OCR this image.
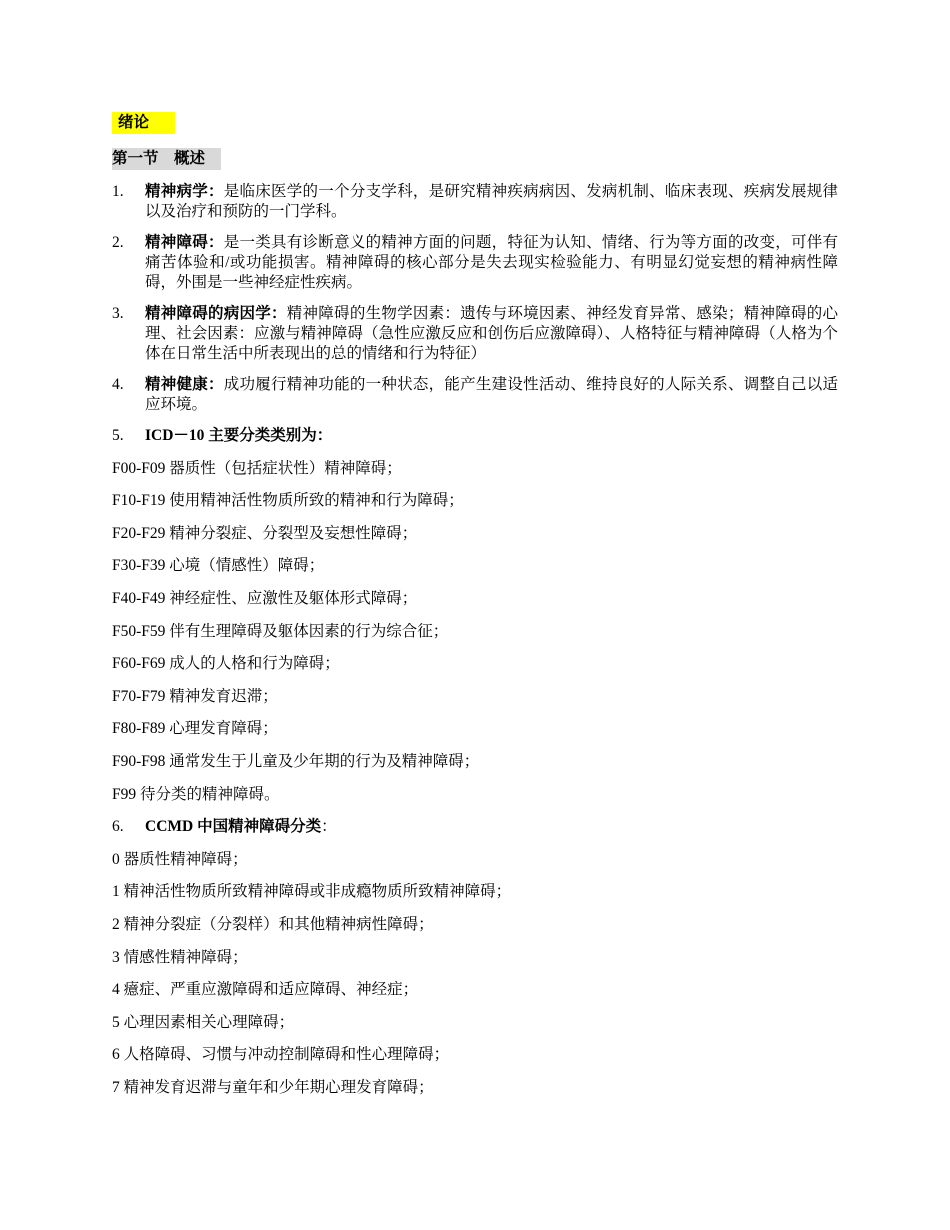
绪论
第一节　概述
1. 精神病学：是临床医学的一个分支学科，是研究精神疾病病因、发病机制、临床表现、疾病发展规律以及治疗和预防的一门学科。
2. 精神障碍：是一类具有诊断意义的精神方面的问题，特征为认知、情绪、行为等方面的改变，可伴有痛苦体验和/或功能损害。精神障碍的核心部分是失去现实检验能力、有明显幻觉妄想的精神病性障碍，外围是一些神经症性疾病。
3. 精神障碍的病因学：精神障碍的生物学因素：遗传与环境因素、神经发育异常、感染；精神障碍的心理、社会因素：应激与精神障碍（急性应激反应和创伤后应激障碍）、人格特征与精神障碍（人格为个体在日常生活中所表现出的总的情绪和行为特征）
4. 精神健康：成功履行精神功能的一种状态，能产生建设性活动、维持良好的人际关系、调整自己以适应环境。
5. ICD－10 主要分类类别为：
F00-F09 器质性（包括症状性）精神障碍；
F10-F19 使用精神活性物质所致的精神和行为障碍；
F20-F29 精神分裂症、分裂型及妄想性障碍；
F30-F39 心境（情感性）障碍；
F40-F49 神经症性、应激性及躯体形式障碍；
F50-F59 伴有生理障碍及躯体因素的行为综合征；
F60-F69 成人的人格和行为障碍；
F70-F79 精神发育迟滞；
F80-F89 心理发育障碍；
F90-F98 通常发生于儿童及少年期的行为及精神障碍；
F99 待分类的精神障碍。
6. CCMD 中国精神障碍分类：
0 器质性精神障碍；
1 精神活性物质所致精神障碍或非成瘾物质所致精神障碍；
2 精神分裂症（分裂样）和其他精神病性障碍；
3 情感性精神障碍；
4 癔症、严重应激障碍和适应障碍、神经症；
5 心理因素相关心理障碍；
6 人格障碍、习惯与冲动控制障碍和性心理障碍；
7 精神发育迟滞与童年和少年期心理发育障碍；
